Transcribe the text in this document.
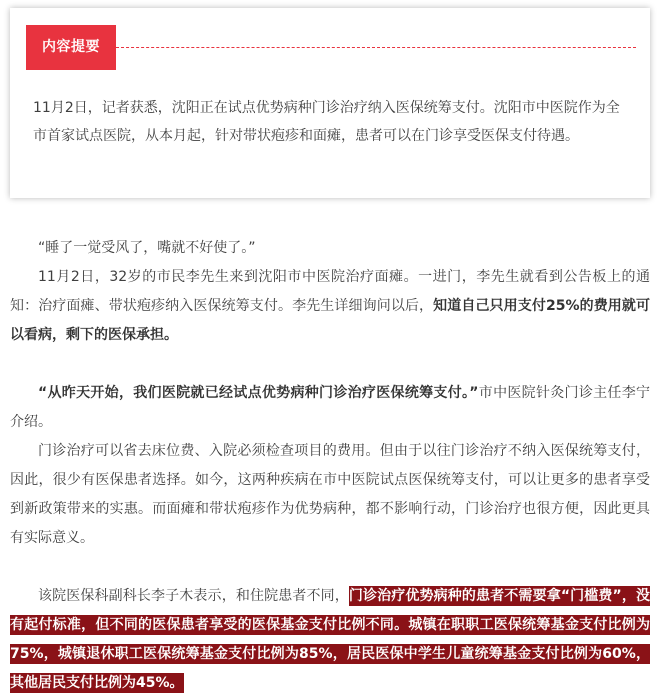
内容提要

11月2日，记者获悉，沈阳正在试点优势病种门诊治疗纳入医保统筹支付。沈阳市中医院作为全市首家试点医院，从本月起，针对带状疱疹和面瘫，患者可以在门诊享受医保支付待遇。

“睡了一觉受风了，嘴就不好使了。”

11月2日，32岁的市民李先生来到沈阳市中医院治疗面瘫。一进门，李先生就看到公告板上的通知：治疗面瘫、带状疱疹纳入医保统筹支付。李先生详细询问以后，知道自己只用支付25%的费用就可以看病，剩下的医保承担。

“从昨天开始，我们医院就已经试点优势病种门诊治疗医保统筹支付。”市中医院针灸门诊主任李宁介绍。

门诊治疗可以省去床位费、入院必须检查项目的费用。但由于以往门诊治疗不纳入医保统筹支付，因此，很少有医保患者选择。如今，这两种疾病在市中医院试点医保统筹支付，可以让更多的患者享受到新政策带来的实惠。而面瘫和带状疱疹作为优势病种，都不影响行动，门诊治疗也很方便，因此更具有实际意义。

该院医保科副科长李子木表示，和住院患者不同，门诊治疗优势病种的患者不需要拿“门槛费”，没有起付标准，但不同的医保患者享受的医保基金支付比例不同。城镇在职职工医保统筹基金支付比例为75%，城镇退休职工医保统筹基金支付比例为85%，居民医保中学生儿童统筹基金支付比例为60%，其他居民支付比例为45%。
